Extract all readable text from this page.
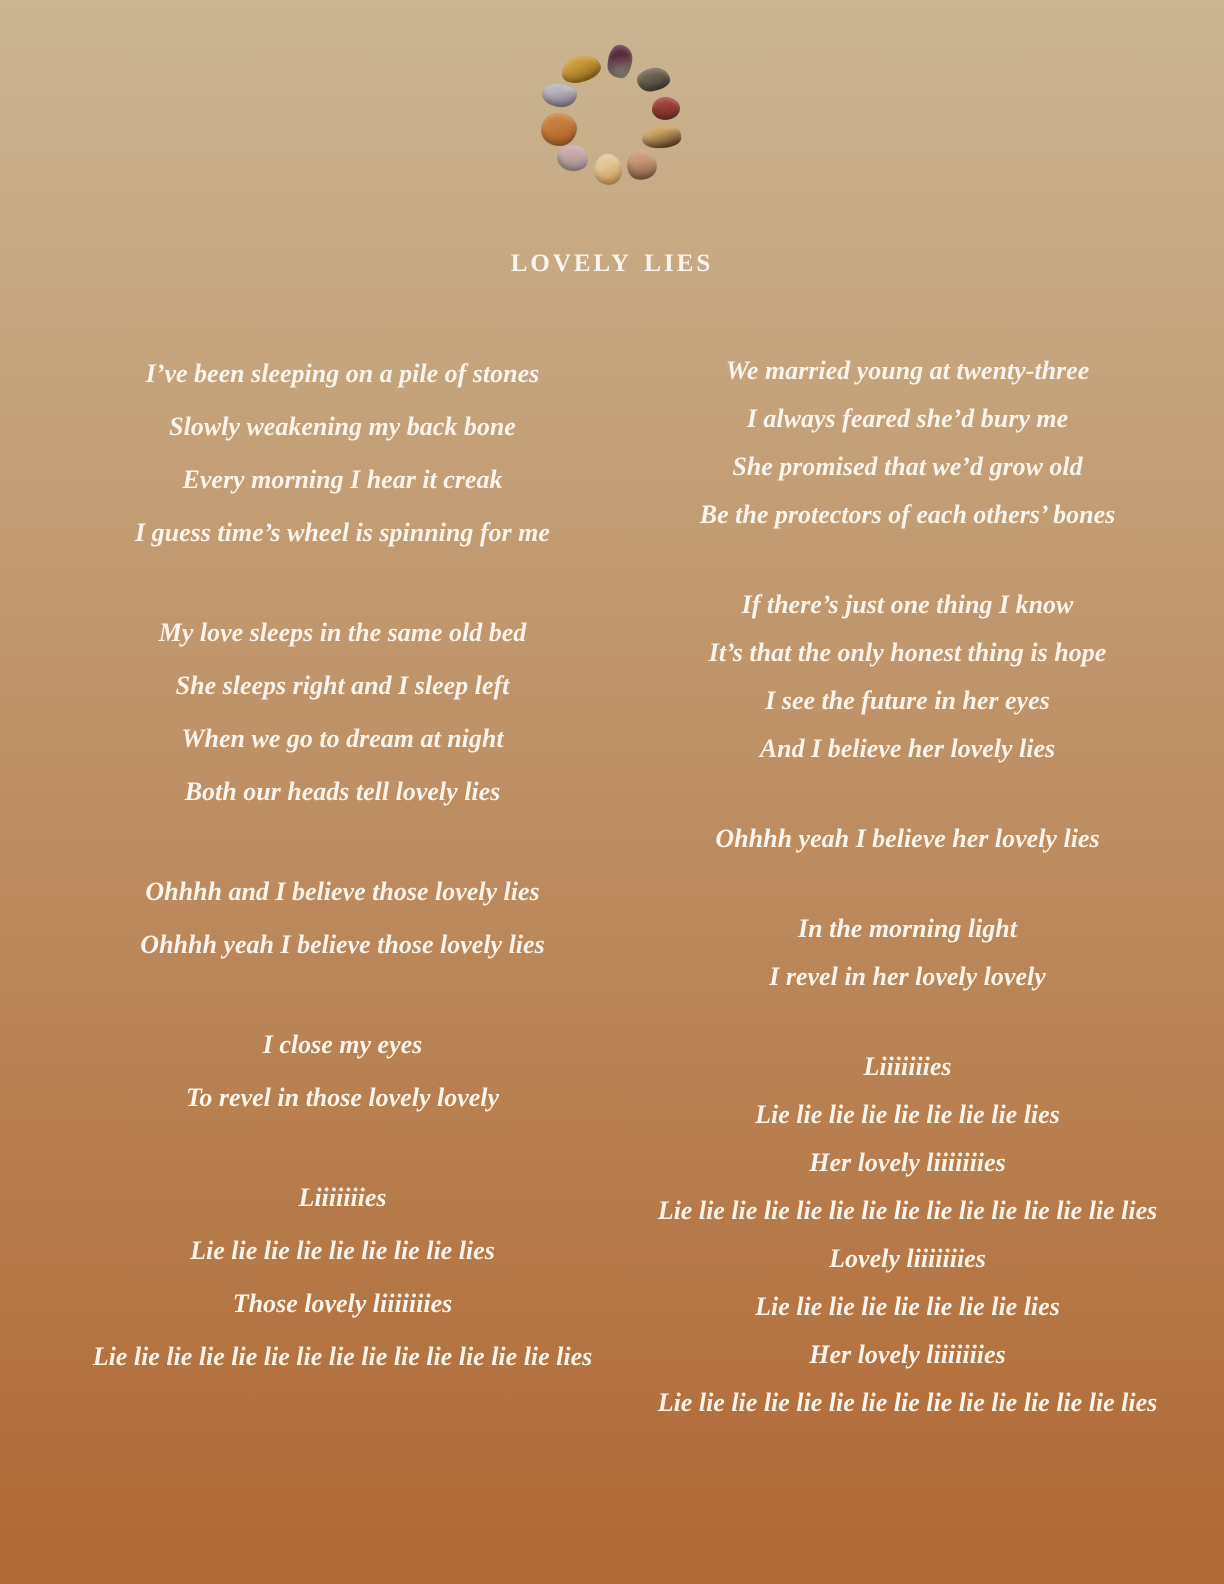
LOVELY LIES
I’ve been sleeping on a pile of stones
Slowly weakening my back bone
Every morning I hear it creak
I guess time’s wheel is spinning for me
My love sleeps in the same old bed
She sleeps right and I sleep left
When we go to dream at night
Both our heads tell lovely lies
Ohhhh and I believe those lovely lies
Ohhhh yeah I believe those lovely lies
I close my eyes
To revel in those lovely lovely
Liiiiiiies
Lie lie lie lie lie lie lie lie lies
Those lovely liiiiiiies
Lie lie lie lie lie lie lie lie lie lie lie lie lie lie lies
We married young at twenty-three
I always feared she’d bury me
She promised that we’d grow old
Be the protectors of each others’ bones
If there’s just one thing I know
It’s that the only honest thing is hope
I see the future in her eyes
And I believe her lovely lies
Ohhhh yeah I believe her lovely lies
In the morning light
I revel in her lovely lovely
Liiiiiiies
Lie lie lie lie lie lie lie lie lies
Her lovely liiiiiiies
Lie lie lie lie lie lie lie lie lie lie lie lie lie lie lies
Lovely liiiiiiies
Lie lie lie lie lie lie lie lie lies
Her lovely liiiiiiies
Lie lie lie lie lie lie lie lie lie lie lie lie lie lie lies
